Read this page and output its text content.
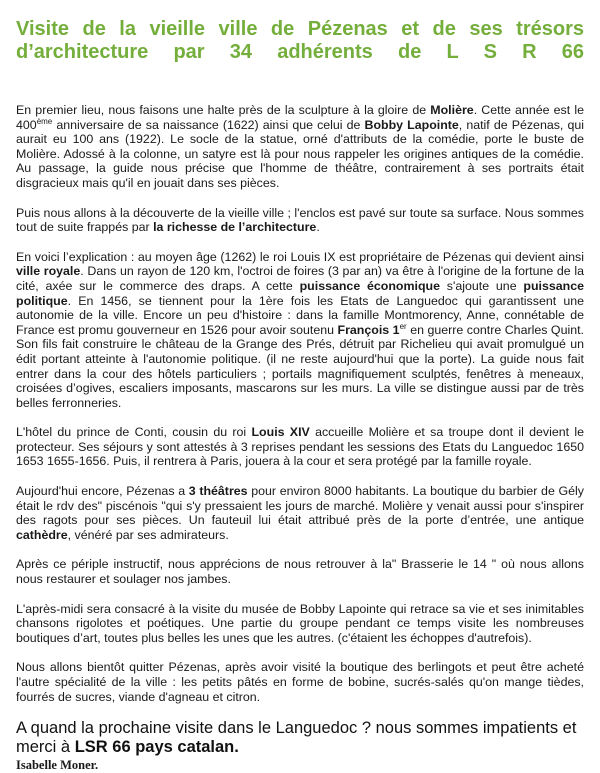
Visite de la vieille ville de Pézenas et de ses trésors d’architecture par 34 adhérents de L S R 66

En premier lieu, nous faisons une halte près de la sculpture à la gloire de Molière. Cette année est le 400ème anniversaire de sa naissance (1622) ainsi que celui de Bobby Lapointe, natif de Pézenas, qui aurait eu 100 ans (1922). Le socle de la statue, orné d'attributs de la comédie, porte le buste de Molière. Adossé à la colonne, un satyre est là pour nous rappeler les origines antiques de la comédie. Au passage, la guide nous précise que l'homme de théâtre, contrairement à ses portraits était disgracieux mais qu'il en jouait dans ses pièces.

Puis nous allons à la découverte de la vieille ville ; l'enclos est pavé sur toute sa surface. Nous sommes tout de suite frappés par la richesse de l’architecture.

En voici l’explication : au moyen âge (1262) le roi Louis IX est propriétaire de Pézenas qui devient ainsi ville royale. Dans un rayon de 120 km, l'octroi de foires (3 par an) va être à l'origine de la fortune de la cité, axée sur le commerce des draps. A cette puissance économique s'ajoute une puissance politique. En 1456, se tiennent pour la 1ère fois les Etats de Languedoc qui garantissent une autonomie de la ville. Encore un peu d'histoire : dans la famille Montmorency, Anne, connétable de France est promu gouverneur en 1526 pour avoir soutenu François 1er en guerre contre Charles Quint. Son fils fait construire le château de la Grange des Prés, détruit par Richelieu qui avait promulgué un édit portant atteinte à l'autonomie politique. (il ne reste aujourd'hui que la porte). La guide nous fait entrer dans la cour des hôtels particuliers ; portails magnifiquement sculptés, fenêtres à meneaux, croisées d’ogives, escaliers imposants, mascarons sur les murs. La ville se distingue aussi par de très belles ferronneries.

L'hôtel du prince de Conti, cousin du roi Louis XIV accueille Molière et sa troupe dont il devient le protecteur. Ses séjours y sont attestés à 3 reprises pendant les sessions des Etats du Languedoc 1650 1653 1655-1656. Puis, il rentrera à Paris, jouera à la cour et sera protégé par la famille royale.

Aujourd'hui encore, Pézenas a 3 théâtres pour environ 8000 habitants. La boutique du barbier de Gély était le rdv des" piscénois "qui s'y pressaient les jours de marché. Molière y venait aussi pour s'inspirer des ragots pour ses pièces. Un fauteuil lui était attribué près de la porte d’entrée, une antique cathèdre, vénéré par ses admirateurs.

Après ce périple instructif, nous apprécions de nous retrouver à la" Brasserie le 14 " où nous allons nous restaurer et soulager nos jambes.

L'après-midi sera consacré à la visite du musée de Bobby Lapointe qui retrace sa vie et ses inimitables chansons rigolotes et poétiques. Une partie du groupe pendant ce temps visite les nombreuses boutiques d’art, toutes plus belles les unes que les autres. (c'étaient les échoppes d'autrefois).

Nous allons bientôt quitter Pézenas, après avoir visité la boutique des berlingots et peut être acheté l'autre spécialité de la ville : les petits pâtés en forme de bobine, sucrés-salés qu'on mange tièdes, fourrés de sucres, viande d'agneau et citron.

A quand la prochaine visite dans le Languedoc ? nous sommes impatients et merci à LSR 66 pays catalan.
Isabelle Moner.
